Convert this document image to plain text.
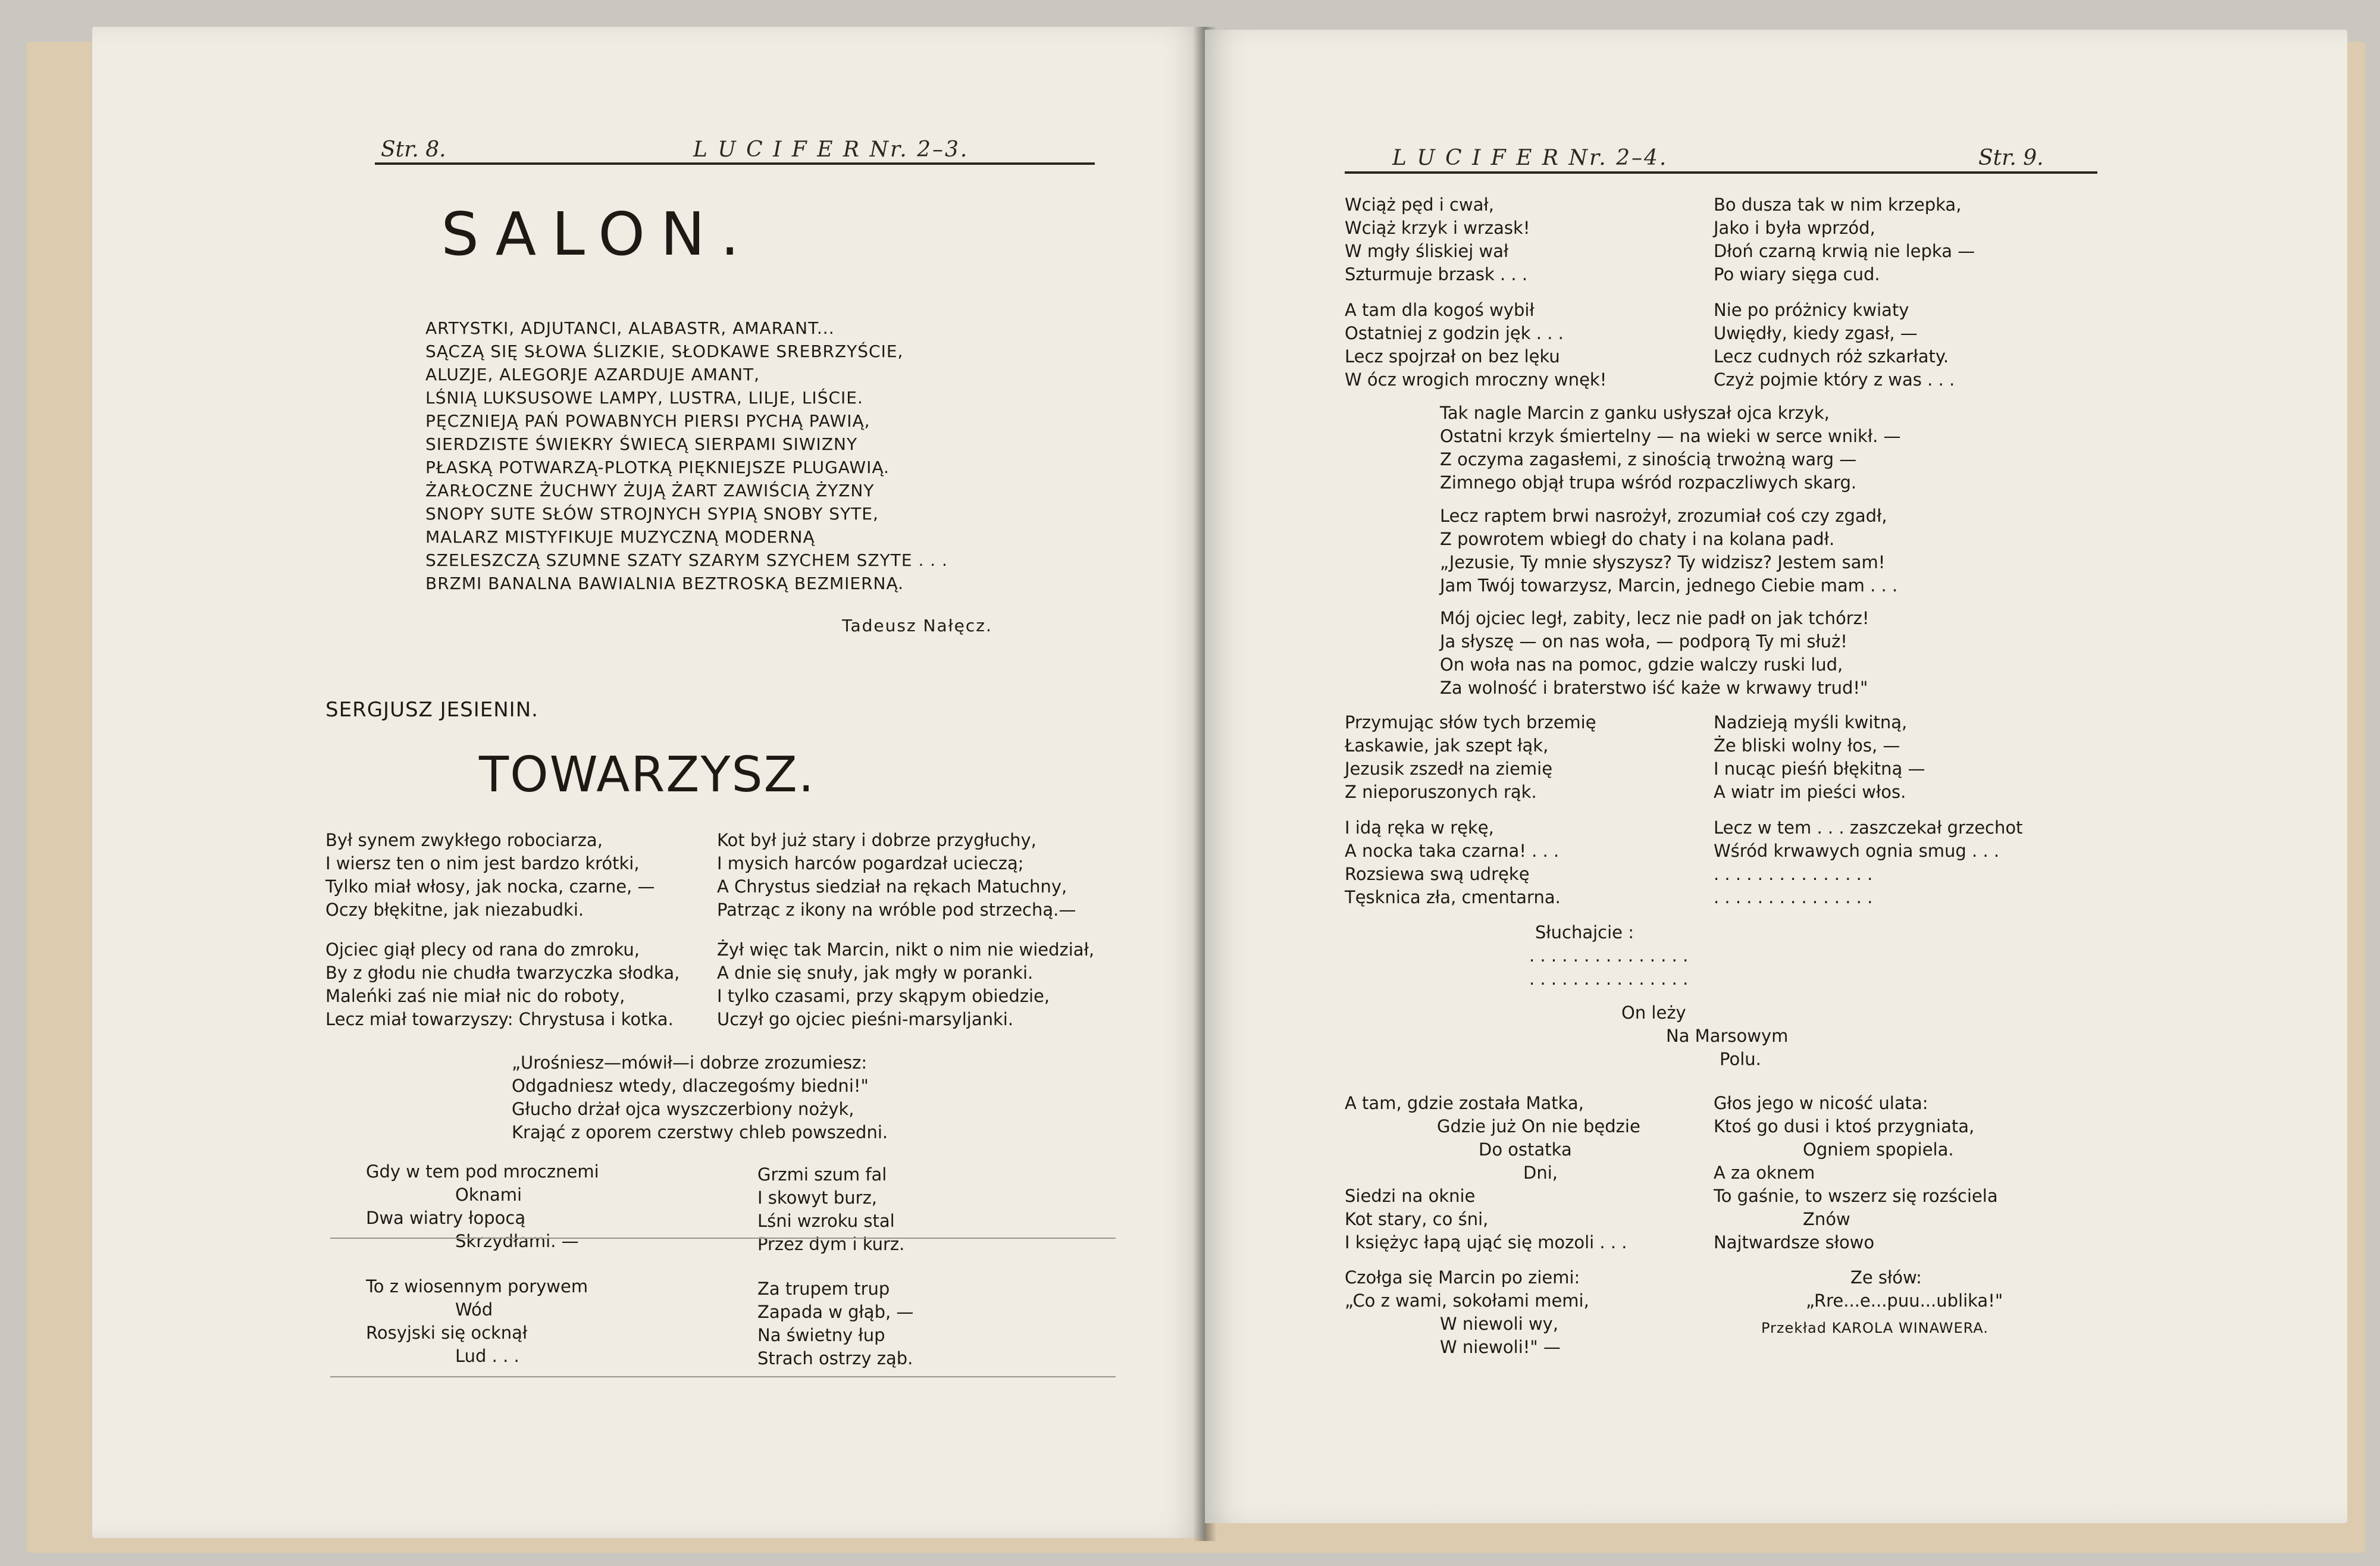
Str. 8.	L U C I F E R Nr. 2–3.
SALON.
ARTYSTKI, ADJUTANCI, ALABASTR, AMARANT...
SĄCZĄ SIĘ SŁOWA ŚLIZKIE, SŁODKAWE SREBRZYŚCIE,
ALUZJE, ALEGORJE AZARDUJE AMANT,
LŚNIĄ LUKSUSOWE LAMPY, LUSTRA, LILJE, LIŚCIE.
PĘCZNIEJĄ PAŃ POWABNYCH PIERSI PYCHĄ PAWIĄ,
SIERDZISTE ŚWIEKRY ŚWIECĄ SIERPAMI SIWIZNY
PŁASKĄ POTWARZĄ-PLOTKĄ PIĘKNIEJSZE PLUGAWIĄ.
ŻARŁOCZNE ŻUCHWY ŻUJĄ ŻART ZAWIŚCIĄ ŻYZNY
SNOPY SUTE SŁÓW STROJNYCH SYPIĄ SNOBY SYTE,
MALARZ MISTYFIKUJE MUZYCZNĄ MODERNĄ
SZELESZCZĄ SZUMNE SZATY SZARYM SZYCHEM SZYTE . . .
BRZMI BANALNA BAWIALNIA BEZTROSKĄ BEZMIERNĄ.
Tadeusz Nałęcz.
SERGJUSZ JESIENIN.
TOWARZYSZ.
Był synem zwykłego robociarza,
I wiersz ten o nim jest bardzo krótki,
Tylko miał włosy, jak nocka, czarne, —
Oczy błękitne, jak niezabudki.
Ojciec giął plecy od rana do zmroku,
By z głodu nie chudła twarzyczka słodka,
Maleńki zaś nie miał nic do roboty,
Lecz miał towarzyszy: Chrystusa i kotka.
Kot był już stary i dobrze przygłuchy,
I mysich harców pogardzał ucieczą;
A Chrystus siedział na rękach Matuchny,
Patrząc z ikony na wróble pod strzechą.—
Żył więc tak Marcin, nikt o nim nie wiedział,
A dnie się snuły, jak mgły w poranki.
I tylko czasami, przy skąpym obiedzie,
Uczył go ojciec pieśni-marsyljanki.
„Urośniesz—mówił—i dobrze zrozumiesz:
Odgadniesz wtedy, dlaczegośmy biedni!"
Głucho drżał ojca wyszczerbiony nożyk,
Krająć z oporem czerstwy chleb powszedni.
Gdy w tem pod mrocznemi
Oknami
Dwa wiatry łopocą
Skrzydłami. —
Grzmi szum fal
I skowyt burz,
Lśni wzroku stal
Przez dym i kurz.
To z wiosennym porywem
Wód
Rosyjski się ocknął
Lud . . .
Za trupem trup
Zapada w głąb, —
Na świetny łup
Strach ostrzy ząb.
L U C I F E R Nr. 2–4.	Str. 9.
Wciąż pęd i cwał,
Wciąż krzyk i wrzask!
W mgły śliskiej wał
Szturmuje brzask . . .
Bo dusza tak w nim krzepka,
Jako i była wprzód,
Dłoń czarną krwią nie lepka —
Po wiary sięga cud.
A tam dla kogoś wybił
Ostatniej z godzin jęk . . .
Lecz spojrzał on bez lęku
W ócz wrogich mroczny wnęk!
Nie po próżnicy kwiaty
Uwiędły, kiedy zgasł, —
Lecz cudnych róż szkarłaty.
Czyż pojmie który z was . . .
Tak nagle Marcin z ganku usłyszał ojca krzyk,
Ostatni krzyk śmiertelny — na wieki w serce wnikł. —
Z oczyma zagasłemi, z sinością trwożną warg —
Zimnego objął trupa wśród rozpaczliwych skarg.
Lecz raptem brwi nasrożył, zrozumiał coś czy zgadł,
Z powrotem wbiegł do chaty i na kolana padł.
„Jezusie, Ty mnie słyszysz? Ty widzisz? Jestem sam!
Jam Twój towarzysz, Marcin, jednego Ciebie mam . . .
Mój ojciec legł, zabity, lecz nie padł on jak tchórz!
Ja słyszę — on nas woła, — podporą Ty mi służ!
On woła nas na pomoc, gdzie walczy ruski lud,
Za wolność i braterstwo iść każe w krwawy trud!"
Przymując słów tych brzemię
Łaskawie, jak szept łąk,
Jezusik zszedł na ziemię
Z nieporuszonych rąk.
Nadzieją myśli kwitną,
Że bliski wolny łos, —
I nucąc pieśń błękitną —
A wiatr im pieści włos.
I idą ręka w rękę,
A nocka taka czarna! . . .
Rozsiewa swą udrękę
Tęsknica zła, cmentarna.
Lecz w tem . . . zaszczekał grzechot
Wśród krwawych ognia smug . . .
. . . . . . . . . . . . . . .
. . . . . . . . . . . . . . .
Słuchajcie :
. . . . . . . . . . . . . . .
. . . . . . . . . . . . . . .
On leży
Na Marsowym
Polu.
A tam, gdzie została Matka,
Gdzie już On nie będzie
Do ostatka
Dni,
Siedzi na oknie
Kot stary, co śni,
I księżyc łapą ująć się mozoli . . .
Głos jego w nicość ulata:
Ktoś go dusi i ktoś przygniata,
Ogniem spopiela.
A za oknem
To gaśnie, to wszerz się rozściela
Znów
Najtwardsze słowo
Czołga się Marcin po ziemi:
„Co z wami, sokołami memi,
W niewoli wy,
W niewoli!" —
Ze słów:
„Rre...e...puu...ublika!"
Przekład KAROLA WINAWERA.
